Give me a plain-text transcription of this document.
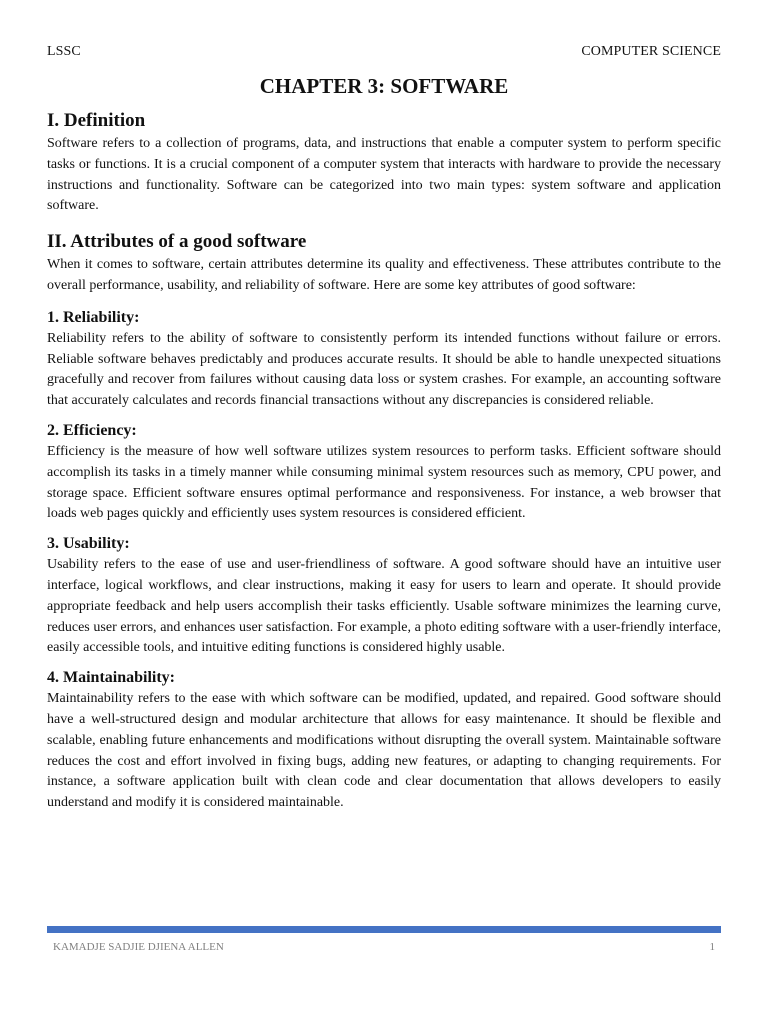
LSSC	COMPUTER SCIENCE
CHAPTER 3: SOFTWARE
I. Definition

Software refers to a collection of programs, data, and instructions that enable a computer system to perform specific tasks or functions. It is a crucial component of a computer system that interacts with hardware to provide the necessary instructions and functionality. Software can be categorized into two main types: system software and application software.

II. Attributes of a good software

When it comes to software, certain attributes determine its quality and effectiveness. These attributes contribute to the overall performance, usability, and reliability of software. Here are some key attributes of good software:

1. Reliability:

Reliability refers to the ability of software to consistently perform its intended functions without failure or errors. Reliable software behaves predictably and produces accurate results. It should be able to handle unexpected situations gracefully and recover from failures without causing data loss or system crashes. For example, an accounting software that accurately calculates and records financial transactions without any discrepancies is considered reliable.

2. Efficiency:

Efficiency is the measure of how well software utilizes system resources to perform tasks. Efficient software should accomplish its tasks in a timely manner while consuming minimal system resources such as memory, CPU power, and storage space. Efficient software ensures optimal performance and responsiveness. For instance, a web browser that loads web pages quickly and efficiently uses system resources is considered efficient.

3. Usability:

Usability refers to the ease of use and user-friendliness of software. A good software should have an intuitive user interface, logical workflows, and clear instructions, making it easy for users to learn and operate. It should provide appropriate feedback and help users accomplish their tasks efficiently. Usable software minimizes the learning curve, reduces user errors, and enhances user satisfaction. For example, a photo editing software with a user-friendly interface, easily accessible tools, and intuitive editing functions is considered highly usable.

4. Maintainability:

Maintainability refers to the ease with which software can be modified, updated, and repaired. Good software should have a well-structured design and modular architecture that allows for easy maintenance. It should be flexible and scalable, enabling future enhancements and modifications without disrupting the overall system. Maintainable software reduces the cost and effort involved in fixing bugs, adding new features, or adapting to changing requirements. For instance, a software application built with clean code and clear documentation that allows developers to easily understand and modify it is considered maintainable.

KAMADJE SADJIE DJIENA ALLEN	1
